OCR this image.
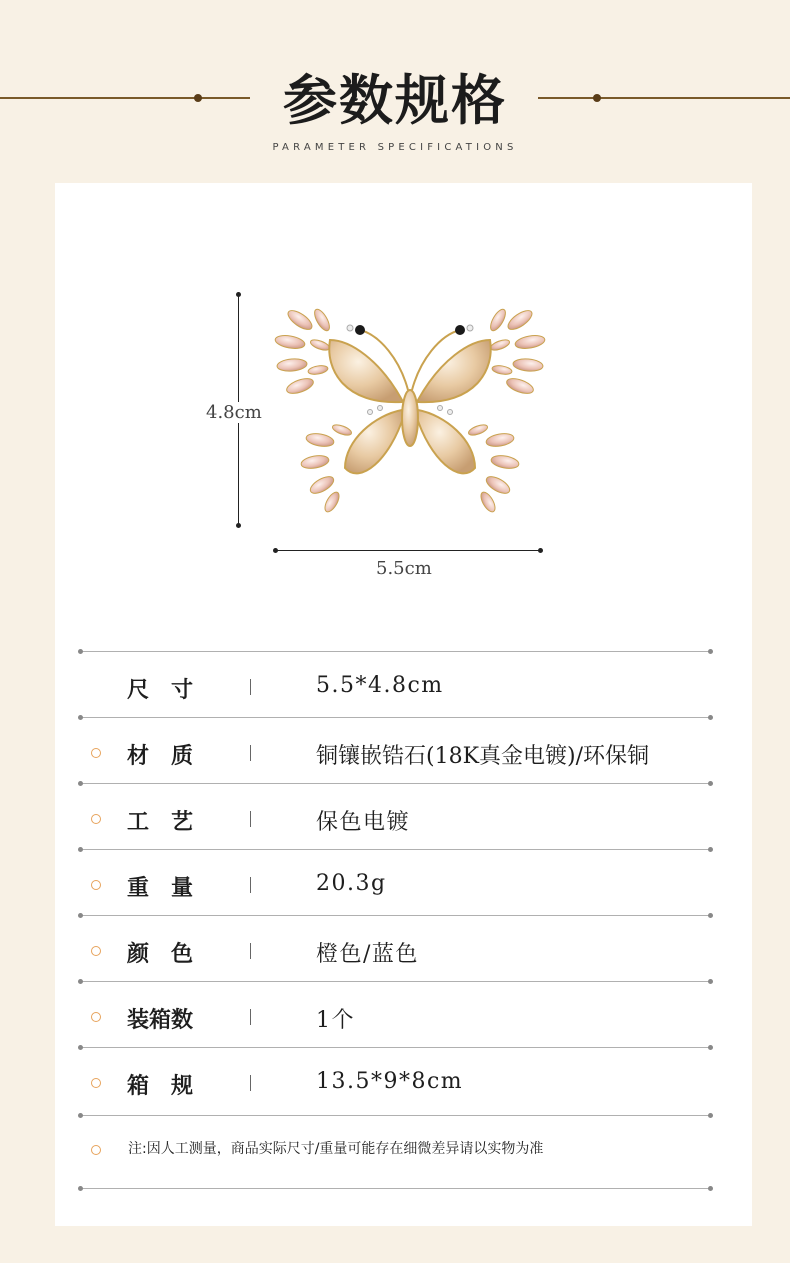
参数规格
PARAMETER SPECIFICATIONS
4.8cm
5.5cm
尺　寸	5.5*4.8cm
材　质	铜镶嵌锆石(18K真金电镀)/环保铜
工　艺	保色电镀
重　量	20.3g
颜　色	橙色/蓝色
装箱数	1个
箱　规	13.5*9*8cm
注:因人工测量，商品实际尺寸/重量可能存在细微差异请以实物为准
